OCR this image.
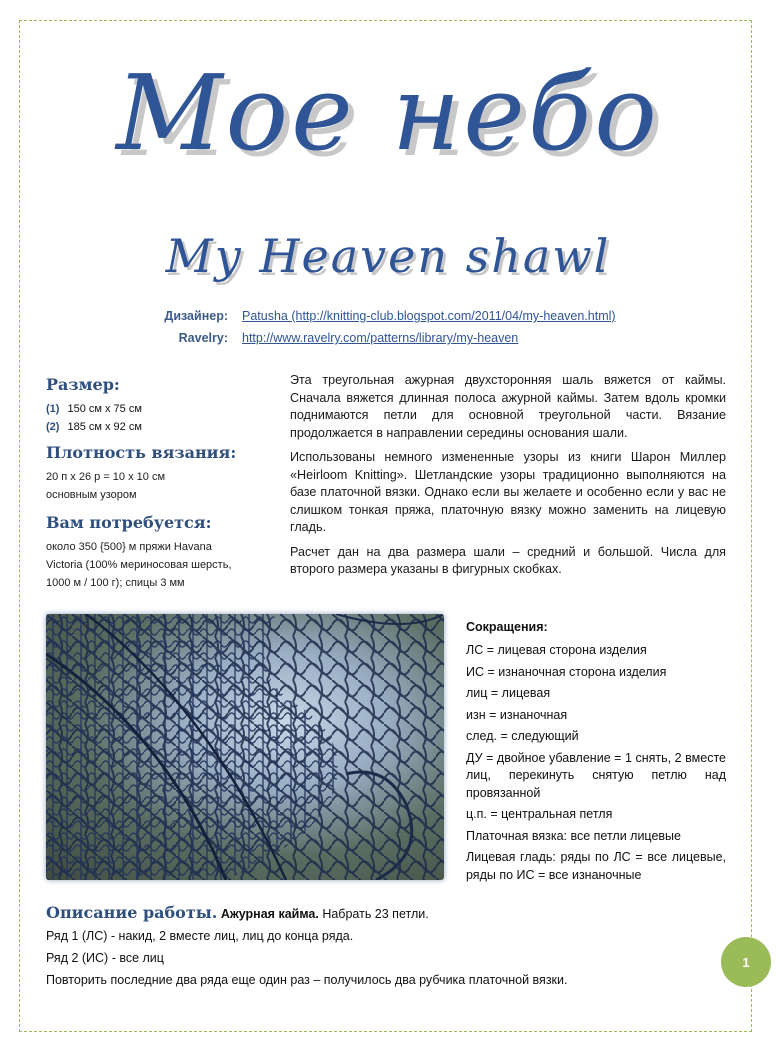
Мое небо
My Heaven shawl
Дизайнер: Patusha (http://knitting-club.blogspot.com/2011/04/my-heaven.html)
Ravelry: http://www.ravelry.com/patterns/library/my-heaven

Размер:

(1) 150 см х 75 см
(2) 185 см х 92 см

Плотность вязания:

20 п х 26 р = 10 х 10 см основным узором

Вам потребуется:

около 350 {500} м пряжи Havana Victoria (100% мериносовая шерсть, 1000 м / 100 г); спицы 3 мм

Эта треугольная ажурная двухсторонняя шаль вяжется от каймы. Сначала вяжется длинная полоса ажурной каймы. Затем вдоль кромки поднимаются петли для основной треугольной части. Вязание продолжается в направлении середины основания шали.

Использованы немного измененные узоры из книги Шарон Миллер «Heirloom Knitting». Шетландские узоры традиционно выполняются на базе платочной вязки. Однако если вы желаете и особенно если у вас не слишком тонкая пряжа, платочную вязку можно заменить на лицевую гладь.

Расчет дан на два размера шали – средний и большой. Числа для второго размера указаны в фигурных скобках.

Сокращения:

ЛС = лицевая сторона изделия

ИС = изнаночная сторона изделия

лиц = лицевая

изн = изнаночная

след. = следующий

ДУ = двойное убавление = 1 снять, 2 вместе лиц, перекинуть снятую петлю над провязанной

ц.п. = центральная петля

Платочная вязка: все петли лицевые

Лицевая гладь: ряды по ЛС = все лицевые, ряды по ИС = все изнаночные

Описание работы. Ажурная кайма. Набрать 23 петли.

Ряд 1 (ЛС) - накид, 2 вместе лиц, лиц до конца ряда.

Ряд 2 (ИС) - все лиц

Повторить последние два ряда еще один раз – получилось два рубчика платочной вязки.

1
